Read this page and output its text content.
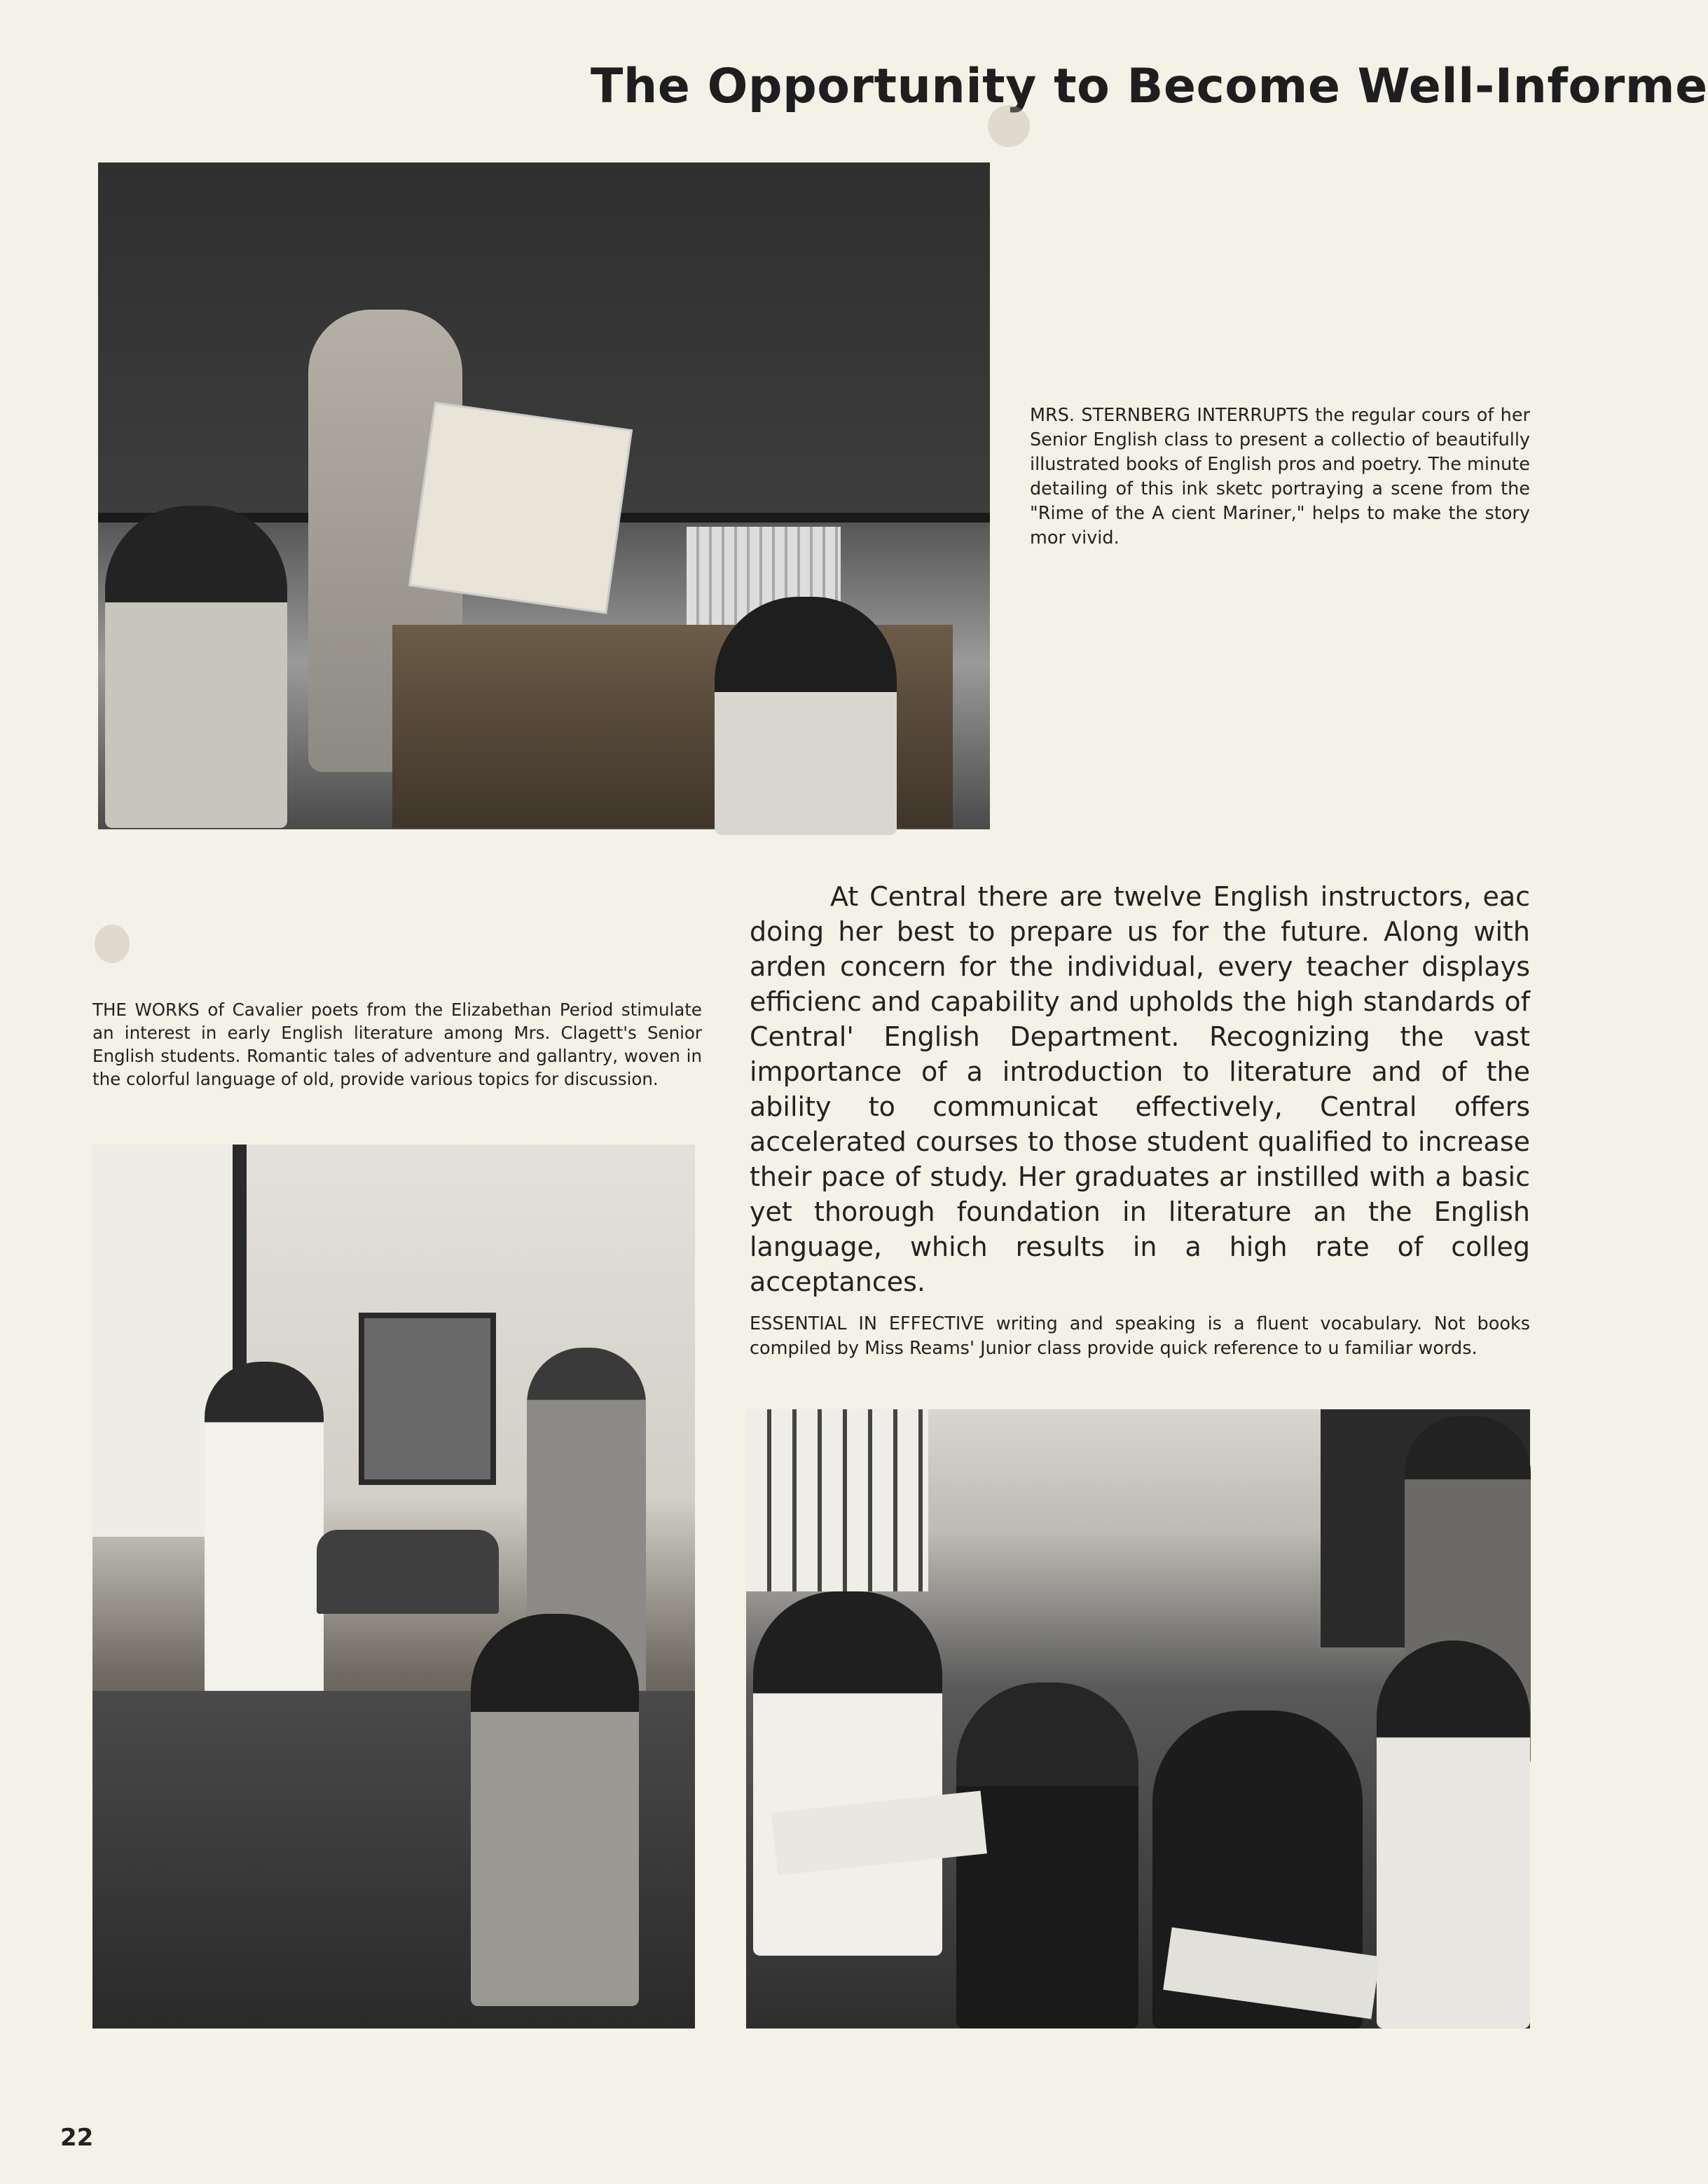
The Opportunity to Become Well-Informe
MRS. STERNBERG INTERRUPTS the regular cours of her Senior English class to present a collectio of beautifully illustrated books of English pros and poetry. The minute detailing of this ink sketc portraying a scene from the "Rime of the A cient Mariner," helps to make the story mor vivid.
THE WORKS of Cavalier poets from the Elizabethan Period stimulate an interest in early English literature among Mrs. Clagett's Senior English students. Romantic tales of adventure and gallantry, woven in the colorful language of old, provide various topics for discussion.
At Central there are twelve English instructors, eac doing her best to prepare us for the future. Along with arden concern for the individual, every teacher displays efficienc and capability and upholds the high standards of Central' English Department. Recognizing the vast importance of a introduction to literature and of the ability to communicat effectively, Central offers accelerated courses to those student qualified to increase their pace of study. Her graduates ar instilled with a basic yet thorough foundation in literature an the English language, which results in a high rate of colleg acceptances.
ESSENTIAL IN EFFECTIVE writing and speaking is a fluent vocabulary. Not books compiled by Miss Reams' Junior class provide quick reference to u familiar words.
22
